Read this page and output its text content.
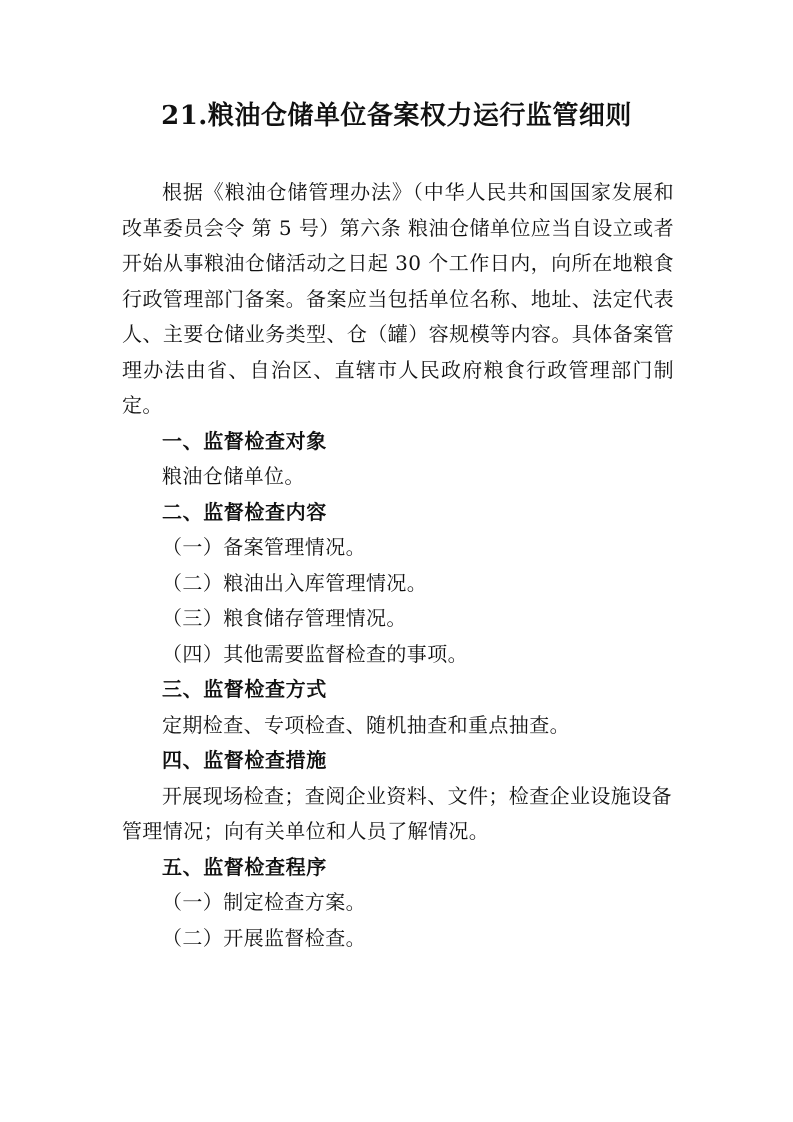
21.粮油仓储单位备案权力运行监管细则

根据《粮油仓储管理办法》（中华人民共和国国家发展和改革委员会令 第 5 号）第六条 粮油仓储单位应当自设立或者开始从事粮油仓储活动之日起 30 个工作日内，向所在地粮食行政管理部门备案。备案应当包括单位名称、地址、法定代表人、主要仓储业务类型、仓（罐）容规模等内容。具体备案管理办法由省、自治区、直辖市人民政府粮食行政管理部门制定。

一、监督检查对象

粮油仓储单位。

二、监督检查内容

（一）备案管理情况。

（二）粮油出入库管理情况。

（三）粮食储存管理情况。

（四）其他需要监督检查的事项。

三、监督检查方式

定期检查、专项检查、随机抽查和重点抽查。

四、监督检查措施

开展现场检查；查阅企业资料、文件；检查企业设施设备管理情况；向有关单位和人员了解情况。

五、监督检查程序

（一）制定检查方案。

（二）开展监督检查。
